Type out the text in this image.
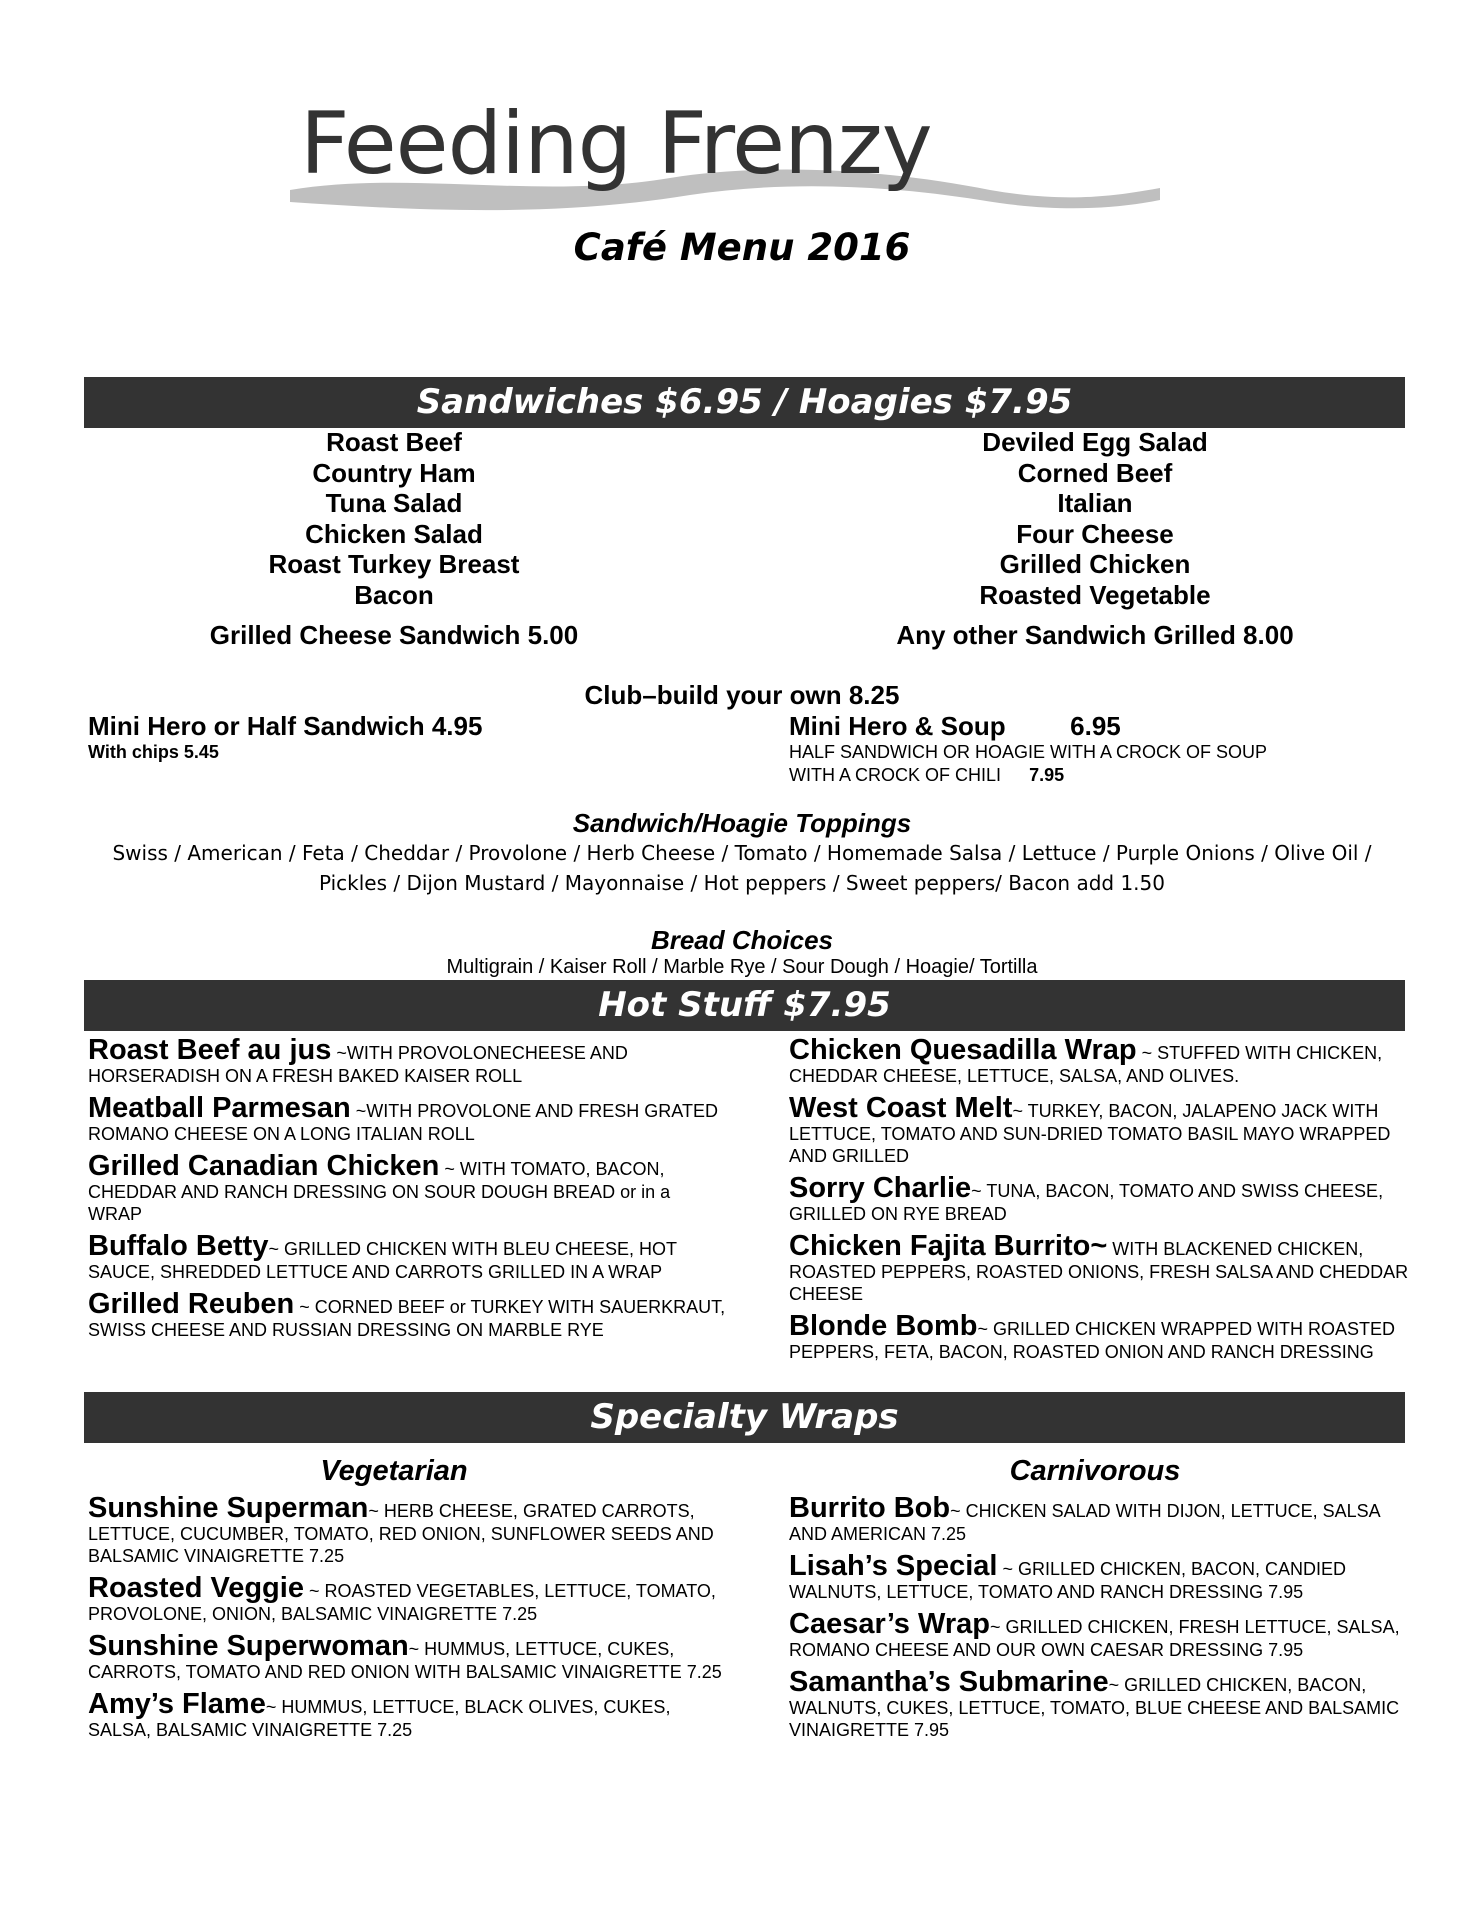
Feeding Frenzy
Café Menu 2016
Sandwiches $6.95 / Hoagies $7.95
Roast Beef
Country Ham
Tuna Salad
Chicken Salad
Roast Turkey Breast
Bacon
Deviled Egg Salad
Corned Beef
Italian
Four Cheese
Grilled Chicken
Roasted Vegetable
Grilled Cheese Sandwich 5.00	Any other Sandwich Grilled 8.00
Club–build your own 8.25
Mini Hero or Half Sandwich 4.95
With chips 5.45
Mini Hero & Soup 6.95
HALF SANDWICH OR HOAGIE WITH A CROCK OF SOUP
WITH A CROCK OF CHILI 7.95
Sandwich/Hoagie Toppings
Swiss / American / Feta / Cheddar / Provolone / Herb Cheese / Tomato / Homemade Salsa / Lettuce / Purple Onions / Olive Oil /
Pickles / Dijon Mustard / Mayonnaise / Hot peppers / Sweet peppers/ Bacon add 1.50
Bread Choices
Multigrain / Kaiser Roll / Marble Rye / Sour Dough / Hoagie/ Tortilla
Hot Stuff $7.95
Roast Beef au jus ~WITH PROVOLONECHEESE AND HORSERADISH ON A FRESH BAKED KAISER ROLL
Meatball Parmesan ~WITH PROVOLONE AND FRESH GRATED ROMANO CHEESE ON A LONG ITALIAN ROLL
Grilled Canadian Chicken ~ WITH TOMATO, BACON, CHEDDAR AND RANCH DRESSING ON SOUR DOUGH BREAD or in a WRAP
Buffalo Betty~ GRILLED CHICKEN WITH BLEU CHEESE, HOT SAUCE, SHREDDED LETTUCE AND CARROTS GRILLED IN A WRAP
Grilled Reuben ~ CORNED BEEF or TURKEY WITH SAUERKRAUT, SWISS CHEESE AND RUSSIAN DRESSING ON MARBLE RYE
Chicken Quesadilla Wrap ~ STUFFED WITH CHICKEN, CHEDDAR CHEESE, LETTUCE, SALSA, AND OLIVES.
West Coast Melt~ TURKEY, BACON, JALAPENO JACK WITH LETTUCE, TOMATO AND SUN-DRIED TOMATO BASIL MAYO WRAPPED AND GRILLED
Sorry Charlie~ TUNA, BACON, TOMATO AND SWISS CHEESE, GRILLED ON RYE BREAD
Chicken Fajita Burrito~ WITH BLACKENED CHICKEN, ROASTED PEPPERS, ROASTED ONIONS, FRESH SALSA AND CHEDDAR CHEESE
Blonde Bomb~ GRILLED CHICKEN WRAPPED WITH ROASTED PEPPERS, FETA, BACON, ROASTED ONION AND RANCH DRESSING
Specialty Wraps
Vegetarian	Carnivorous
Sunshine Superman~ HERB CHEESE, GRATED CARROTS, LETTUCE, CUCUMBER, TOMATO, RED ONION, SUNFLOWER SEEDS AND BALSAMIC VINAIGRETTE 7.25
Roasted Veggie ~ ROASTED VEGETABLES, LETTUCE, TOMATO, PROVOLONE, ONION, BALSAMIC VINAIGRETTE 7.25
Sunshine Superwoman~ HUMMUS, LETTUCE, CUKES, CARROTS, TOMATO AND RED ONION WITH BALSAMIC VINAIGRETTE 7.25
Amy’s Flame~ HUMMUS, LETTUCE, BLACK OLIVES, CUKES, SALSA, BALSAMIC VINAIGRETTE 7.25
Burrito Bob~ CHICKEN SALAD WITH DIJON, LETTUCE, SALSA AND AMERICAN 7.25
Lisah’s Special ~ GRILLED CHICKEN, BACON, CANDIED WALNUTS, LETTUCE, TOMATO AND RANCH DRESSING 7.95
Caesar’s Wrap~ GRILLED CHICKEN, FRESH LETTUCE, SALSA, ROMANO CHEESE AND OUR OWN CAESAR DRESSING 7.95
Samantha’s Submarine~ GRILLED CHICKEN, BACON, WALNUTS, CUKES, LETTUCE, TOMATO, BLUE CHEESE AND BALSAMIC VINAIGRETTE 7.95
